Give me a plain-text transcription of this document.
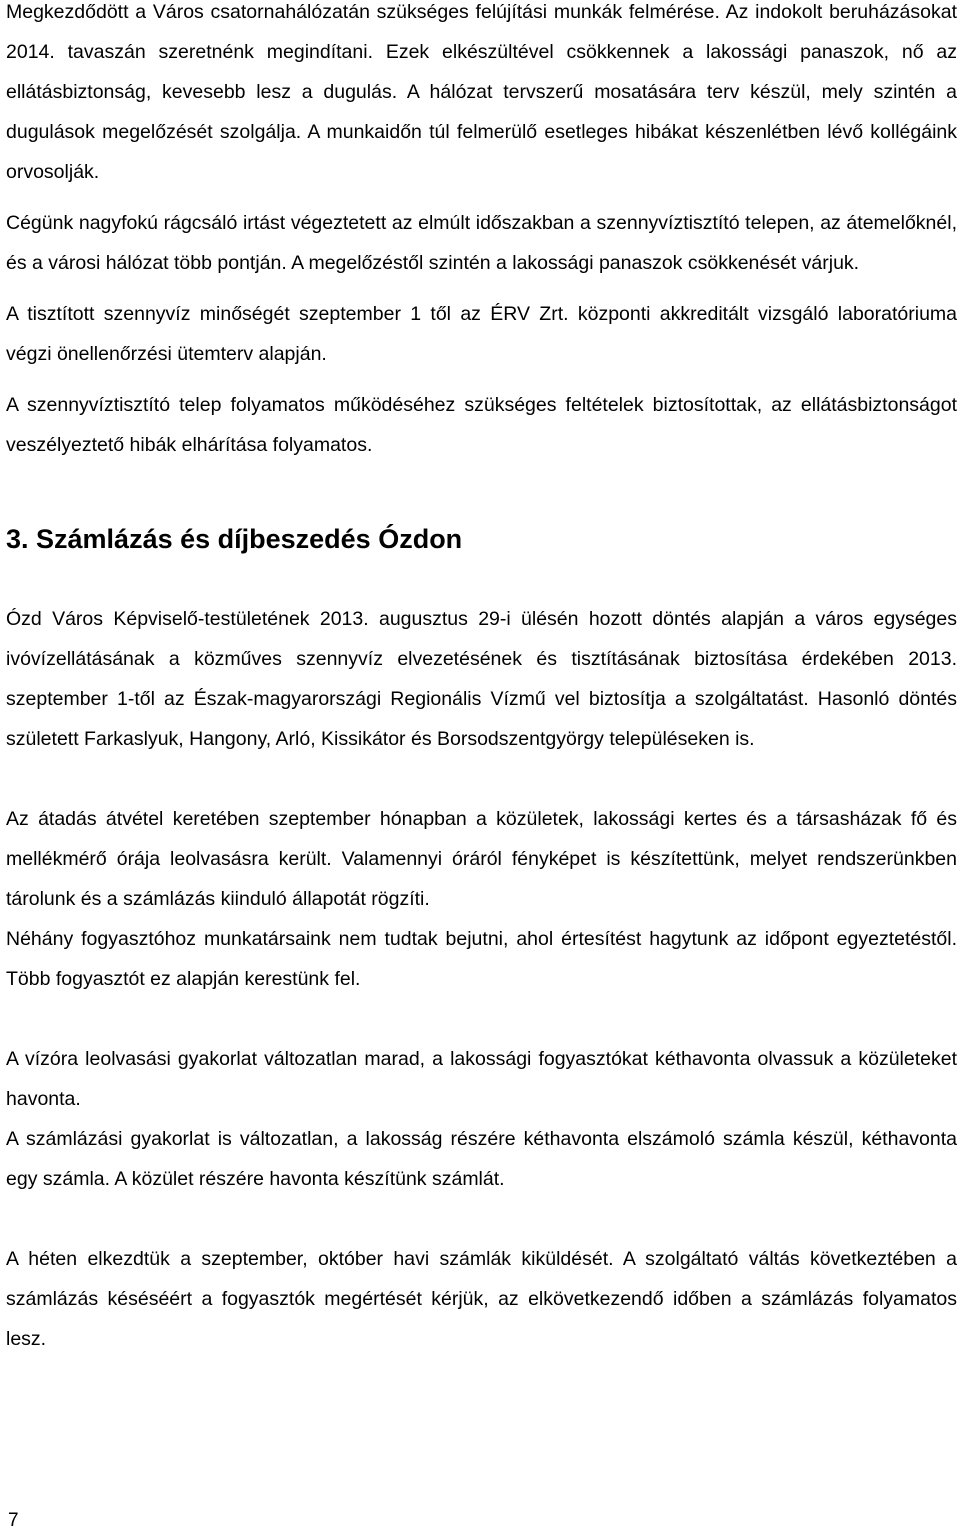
Megkezdődött a Város csatornahálózatán szükséges felújítási munkák felmérése. Az indokolt beruházásokat 2014. tavaszán szeretnénk megindítani. Ezek elkészültével csökkennek a lakossági panaszok, nő az ellátásbiztonság, kevesebb lesz a dugulás. A hálózat tervszerű mosatására terv készül, mely szintén a dugulások megelőzését szolgálja. A munkaidőn túl felmerülő esetleges hibákat készenlétben lévő kollégáink orvosolják.

Cégünk nagyfokú rágcsáló irtást végeztetett az elmúlt időszakban a szennyvíztisztító telepen, az átemelőknél, és a városi hálózat több pontján. A megelőzéstől szintén a lakossági panaszok csökkenését várjuk.

A tisztított szennyvíz minőségét szeptember 1 től az ÉRV Zrt. központi akkreditált vizsgáló laboratóriuma végzi önellenőrzési ütemterv alapján.

A szennyvíztisztító telep folyamatos működéséhez szükséges feltételek biztosítottak, az ellátásbiztonságot veszélyeztető hibák elhárítása folyamatos.

3. Számlázás és díjbeszedés Ózdon

Ózd Város Képviselő-testületének 2013. augusztus 29-i ülésén hozott döntés alapján a város egységes ivóvízellátásának a közműves szennyvíz elvezetésének és tisztításának biztosítása érdekében 2013. szeptember 1-től az Észak-magyarországi Regionális Vízmű vel biztosítja a szolgáltatást. Hasonló döntés született Farkaslyuk, Hangony, Arló, Kissikátor és Borsodszentgyörgy településeken is.

Az átadás átvétel keretében szeptember hónapban a közületek, lakossági kertes és a társasházak fő és mellékmérő órája leolvasásra került. Valamennyi óráról fényképet is készítettünk, melyet rendszerünkben tárolunk és a számlázás kiinduló állapotát rögzíti.

Néhány fogyasztóhoz munkatársaink nem tudtak bejutni, ahol értesítést hagytunk az időpont egyeztetéstől. Több fogyasztót ez alapján kerestünk fel.

A vízóra leolvasási gyakorlat változatlan marad, a lakossági fogyasztókat kéthavonta olvassuk a közületeket havonta.

A számlázási gyakorlat is változatlan, a lakosság részére kéthavonta elszámoló számla készül, kéthavonta egy számla. A közület részére havonta készítünk számlát.

A héten elkezdtük a szeptember, október havi számlák kiküldését. A szolgáltató váltás következtében a számlázás késéséért a fogyasztók megértését kérjük, az elkövetkezendő időben a számlázás folyamatos lesz.

7
